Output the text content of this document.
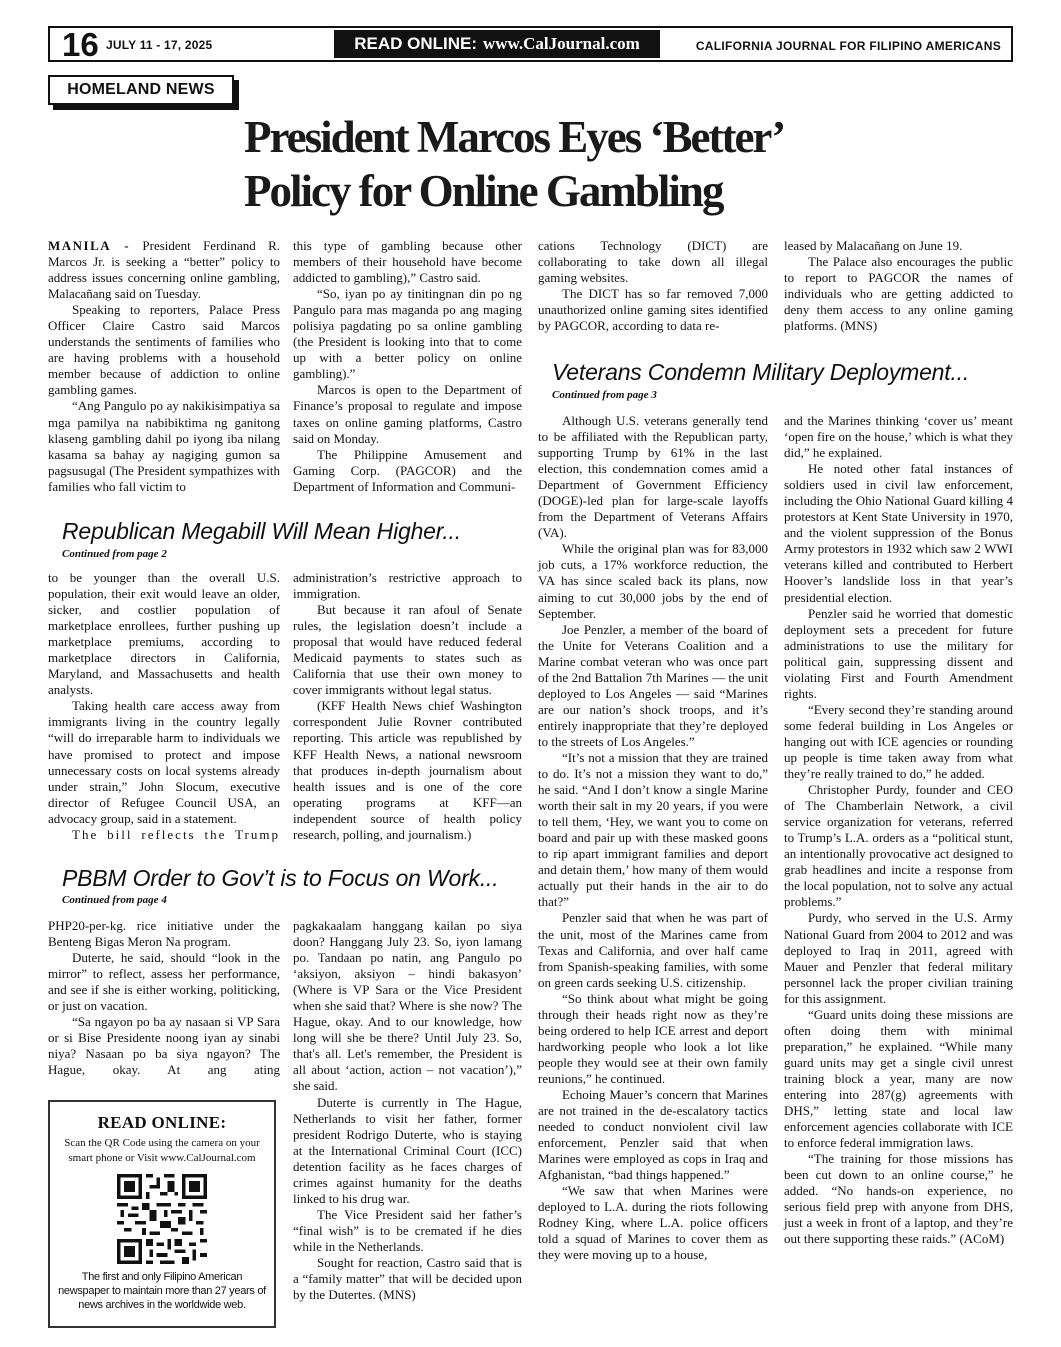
16 JULY 11 - 17, 2025	READ ONLINE: www.CalJournal.com	CALIFORNIA JOURNAL FOR FILIPINO AMERICANS
HOMELAND NEWS
President Marcos Eyes ‘Better’
Policy for Online Gambling

MANILA - President Ferdinand R. Marcos Jr. is seeking a “better” policy to address issues concerning online gambling, Malacañang said on Tuesday.

Speaking to reporters, Palace Press Officer Claire Castro said Marcos understands the sentiments of families who are having problems with a household member because of addiction to online gambling games.

“Ang Pangulo po ay nakikisimpatiya sa mga pamilya na nabibiktima ng ganitong klaseng gambling dahil po iyong iba nilang kasama sa bahay ay nagiging gumon sa pagsusugal (The President sympathizes with families who fall victim to

this type of gambling because other members of their household have become addicted to gambling),” Castro said.

“So, iyan po ay tinitingnan din po ng Pangulo para mas maganda po ang maging polisiya pagdating po sa online gambling (the President is looking into that to come up with a better policy on online gambling).”

Marcos is open to the Department of Finance’s proposal to regulate and impose taxes on online gaming platforms, Castro said on Monday.

The Philippine Amusement and Gaming Corp. (PAGCOR) and the Department of Information and Communi-

cations Technology (DICT) are collaborating to take down all illegal gaming websites.

The DICT has so far removed 7,000 unauthorized online gaming sites identified by PAGCOR, according to data re-

leased by Malacañang on June 19.

The Palace also encourages the public to report to PAGCOR the names of individuals who are getting addicted to deny them access to any online gaming platforms. (MNS)

Veterans Condemn Military Deployment...
Continued from page 3

Although U.S. veterans generally tend to be affiliated with the Republican party, supporting Trump by 61% in the last election, this condemnation comes amid a Department of Government Efficiency (DOGE)-led plan for large-scale layoffs from the Department of Veterans Affairs (VA).

While the original plan was for 83,000 job cuts, a 17% workforce reduction, the VA has since scaled back its plans, now aiming to cut 30,000 jobs by the end of September.

Joe Penzler, a member of the board of the Unite for Veterans Coalition and a Marine combat veteran who was once part of the 2nd Battalion 7th Marines — the unit deployed to Los Angeles — said “Marines are our nation’s shock troops, and it’s entirely inappropriate that they’re deployed to the streets of Los Angeles.”

“It’s not a mission that they are trained to do. It’s not a mission they want to do,” he said. “And I don’t know a single Marine worth their salt in my 20 years, if you were to tell them, ‘Hey, we want you to come on board and pair up with these masked goons to rip apart immigrant families and deport and detain them,’ how many of them would actually put their hands in the air to do that?”

Penzler said that when he was part of the unit, most of the Marines came from Texas and California, and over half came from Spanish-speaking families, with some on green cards seeking U.S. citizenship.

“So think about what might be going through their heads right now as they’re being ordered to help ICE arrest and deport hardworking people who look a lot like people they would see at their own family reunions,” he continued.

Echoing Mauer’s concern that Marines are not trained in the de-escalatory tactics needed to conduct nonviolent civil law enforcement, Penzler said that when Marines were employed as cops in Iraq and Afghanistan, “bad things happened.”

“We saw that when Marines were deployed to L.A. during the riots following Rodney King, where L.A. police officers told a squad of Marines to cover them as they were moving up to a house,

and the Marines thinking ‘cover us’ meant ‘open fire on the house,’ which is what they did,” he explained.

He noted other fatal instances of soldiers used in civil law enforcement, including the Ohio National Guard killing 4 protestors at Kent State University in 1970, and the violent suppression of the Bonus Army protestors in 1932 which saw 2 WWI veterans killed and contributed to Herbert Hoover’s landslide loss in that year’s presidential election.

Penzler said he worried that domestic deployment sets a precedent for future administrations to use the military for political gain, suppressing dissent and violating First and Fourth Amendment rights.

“Every second they’re standing around some federal building in Los Angeles or hanging out with ICE agencies or rounding up people is time taken away from what they’re really trained to do,” he added.

Christopher Purdy, founder and CEO of The Chamberlain Network, a civil service organization for veterans, referred to Trump’s L.A. orders as a “political stunt, an intentionally provocative act designed to grab headlines and incite a response from the local population, not to solve any actual problems.”

Purdy, who served in the U.S. Army National Guard from 2004 to 2012 and was deployed to Iraq in 2011, agreed with Mauer and Penzler that federal military personnel lack the proper civilian training for this assignment.

“Guard units doing these missions are often doing them with minimal preparation,” he explained. “While many guard units may get a single civil unrest training block a year, many are now entering into 287(g) agreements with DHS,” letting state and local law enforcement agencies collaborate with ICE to enforce federal immigration laws.

“The training for those missions has been cut down to an online course,” he added. “No hands-on experience, no serious field prep with anyone from DHS, just a week in front of a laptop, and they’re out there supporting these raids.” (ACoM)

Republican Megabill Will Mean Higher...
Continued from page 2

to be younger than the overall U.S. population, their exit would leave an older, sicker, and costlier population of marketplace enrollees, further pushing up marketplace premiums, according to marketplace directors in California, Maryland, and Massachusetts and health analysts.

Taking health care access away from immigrants living in the country legally “will do irreparable harm to individuals we have promised to protect and impose unnecessary costs on local systems already under strain,” John Slocum, executive director of Refugee Council USA, an advocacy group, said in a statement.

The bill reflects the Trump

administration’s restrictive approach to immigration.

But because it ran afoul of Senate rules, the legislation doesn’t include a proposal that would have reduced federal Medicaid payments to states such as California that use their own money to cover immigrants without legal status.

(KFF Health News chief Washington correspondent Julie Rovner contributed reporting. This article was republished by KFF Health News, a national newsroom that produces in-depth journalism about health issues and is one of the core operating programs at KFF—an independent source of health policy research, polling, and journalism.)

PBBM Order to Gov’t is to Focus on Work...
Continued from page 4

PHP20-per-kg. rice initiative under the Benteng Bigas Meron Na program.

Duterte, he said, should “look in the mirror” to reflect, assess her performance, and see if she is either working, politicking, or just on vacation.

“Sa ngayon po ba ay nasaan si VP Sara or si Bise Presidente noong iyan ay sinabi niya? Nasaan po ba siya ngayon? The Hague, okay. At ang ating

pagkakaalam hanggang kailan po siya doon? Hanggang July 23. So, iyon lamang po. Tandaan po natin, ang Pangulo po ‘aksiyon, aksiyon – hindi bakasyon’ (Where is VP Sara or the Vice President when she said that? Where is she now? The Hague, okay. And to our knowledge, how long will she be there? Until July 23. So, that's all. Let's remember, the President is all about ‘action, action – not vacation’),” she said.

Duterte is currently in The Hague, Netherlands to visit her father, former president Rodrigo Duterte, who is staying at the International Criminal Court (ICC) detention facility as he faces charges of crimes against humanity for the deaths linked to his drug war.

The Vice President said her father’s “final wish” is to be cremated if he dies while in the Netherlands.

Sought for reaction, Castro said that is a “family matter” that will be decided upon by the Dutertes. (MNS)

READ ONLINE:
Scan the QR Code using the camera on your smart phone or Visit www.CalJournal.com
The first and only Filipino American newspaper to maintain more than 27 years of news archives in the worldwide web.
